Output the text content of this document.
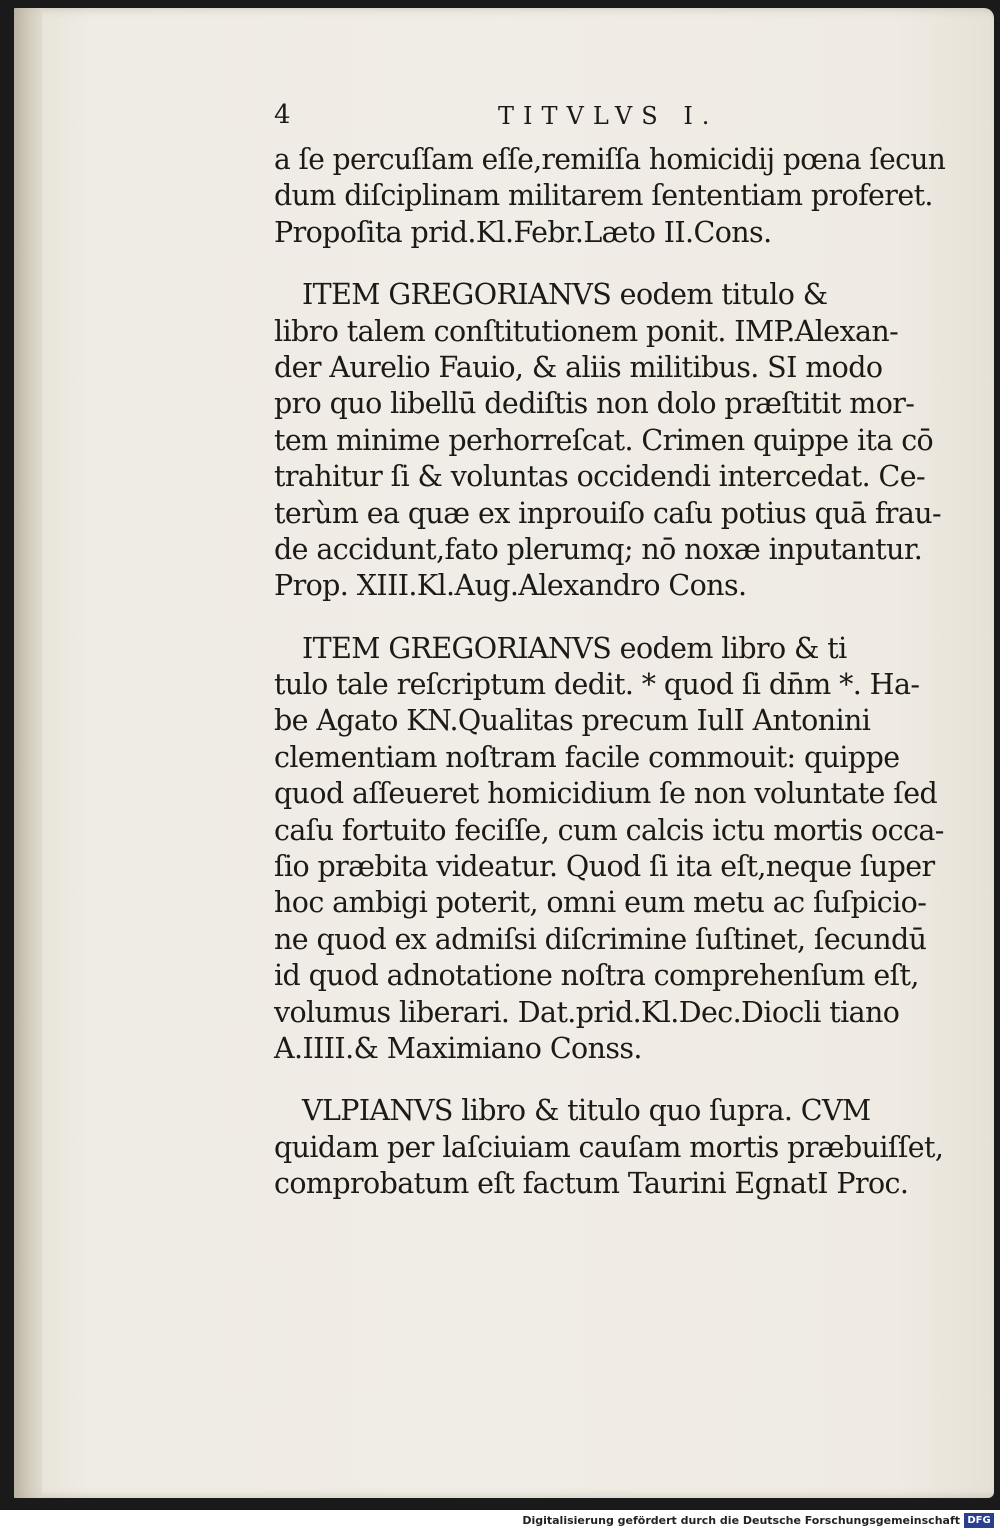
4	TITVLVS I.
a ſe percuſſam eſſe,remiſſa homicidij pœna ſecun
dum diſciplinam militarem ſententiam proferet.
Propoſita prid.Kl.Febr.Læto II.Cons.
ITEM GREGORIANVS eodem titulo &
libro talem conſtitutionem ponit. IMP.Alexan-
der Aurelio Fauio, & aliis militibus. SI modo
pro quo libellū dediſtis non dolo præſtitit mor-
tem minime perhorreſcat. Crimen quippe ita cō
trahitur ſi & voluntas occidendi intercedat. Ce-
terùm ea quæ ex inprouiſo caſu potius quā frau-
de accidunt,fato plerumq; nō noxæ inputantur.
Prop. XIII.Kl.Aug.Alexandro Cons.
ITEM GREGORIANVS eodem libro & ti
tulo tale reſcriptum dedit. * quod ſi dn̄m *. Ha-
be Agato KN.Qualitas precum IulI Antonini
clementiam noſtram facile commouit: quippe
quod aſſeueret homicidium ſe non voluntate ſed
caſu fortuito feciſſe, cum calcis ictu mortis occa-
ſio præbita videatur. Quod ſi ita eſt,neque ſuper
hoc ambigi poterit, omni eum metu ac ſuſpicio-
ne quod ex admiſsi diſcrimine ſuſtinet, ſecundū
id quod adnotatione noſtra comprehenſum eſt,
volumus liberari. Dat.prid.Kl.Dec.Diocli tiano
A.IIII.& Maximiano Conss.
VLPIANVS libro & titulo quo ſupra. CVM
quidam per laſciuiam cauſam mortis præbuiſſet,
comprobatum eſt factum Taurini EgnatI Proc.
Digitalisierung gefördert durch die Deutsche Forschungsgemeinschaft DFG
